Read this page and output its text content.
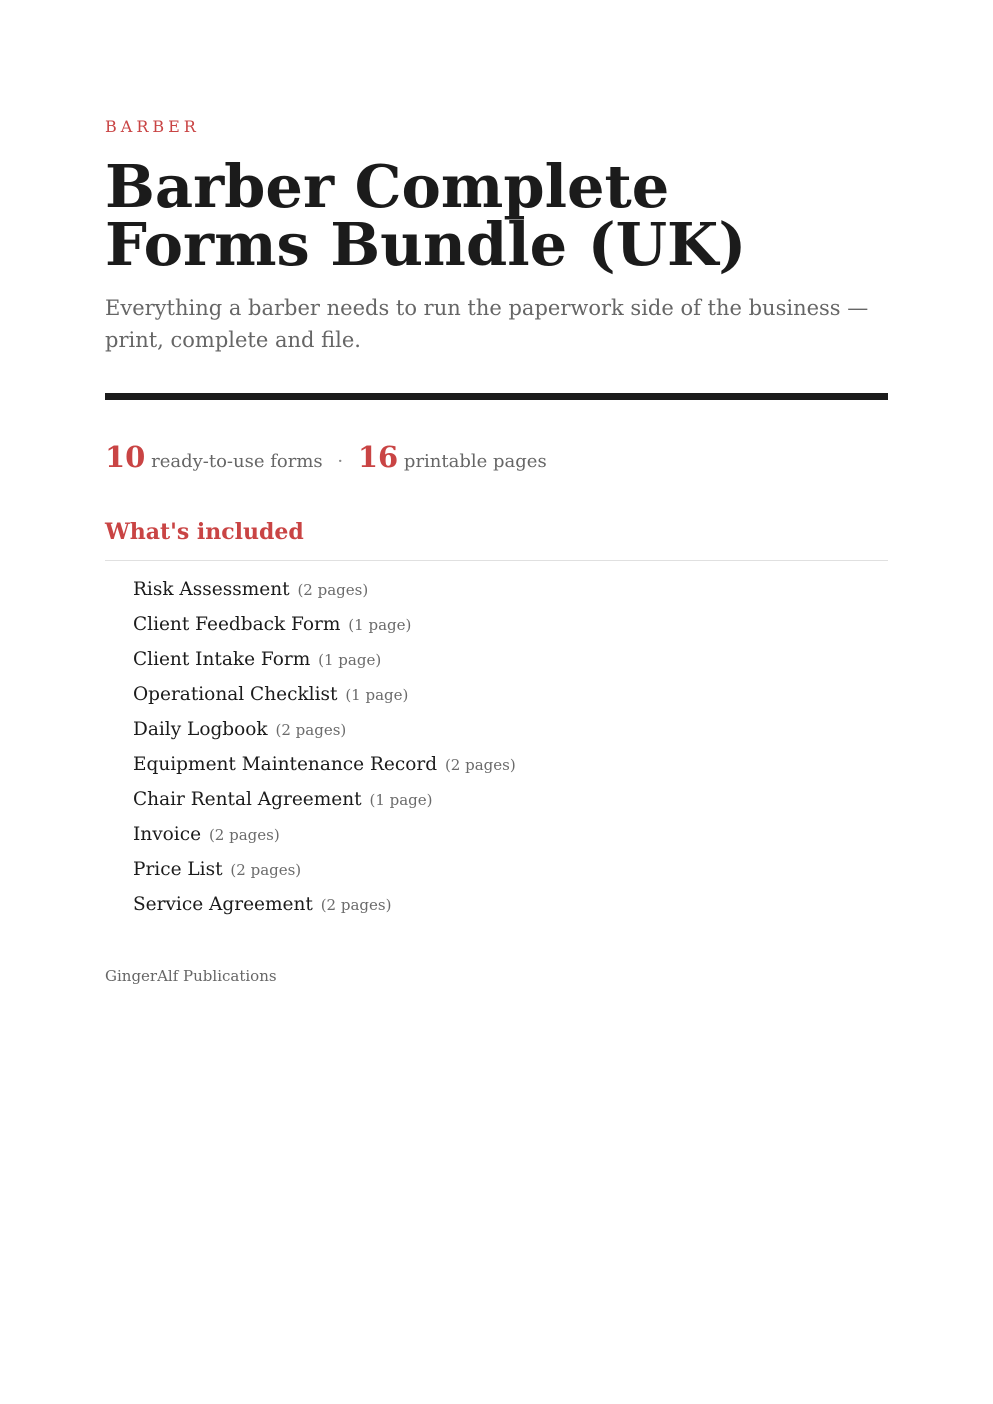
BARBER
Barber Complete Forms Bundle (UK)

Everything a barber needs to run the paperwork side of the business — print, complete and file.

10 ready-to-use forms · 16 printable pages
What's included
Risk Assessment (2 pages)
Client Feedback Form (1 page)
Client Intake Form (1 page)
Operational Checklist (1 page)
Daily Logbook (2 pages)
Equipment Maintenance Record (2 pages)
Chair Rental Agreement (1 page)
Invoice (2 pages)
Price List (2 pages)
Service Agreement (2 pages)
GingerAlf Publications
